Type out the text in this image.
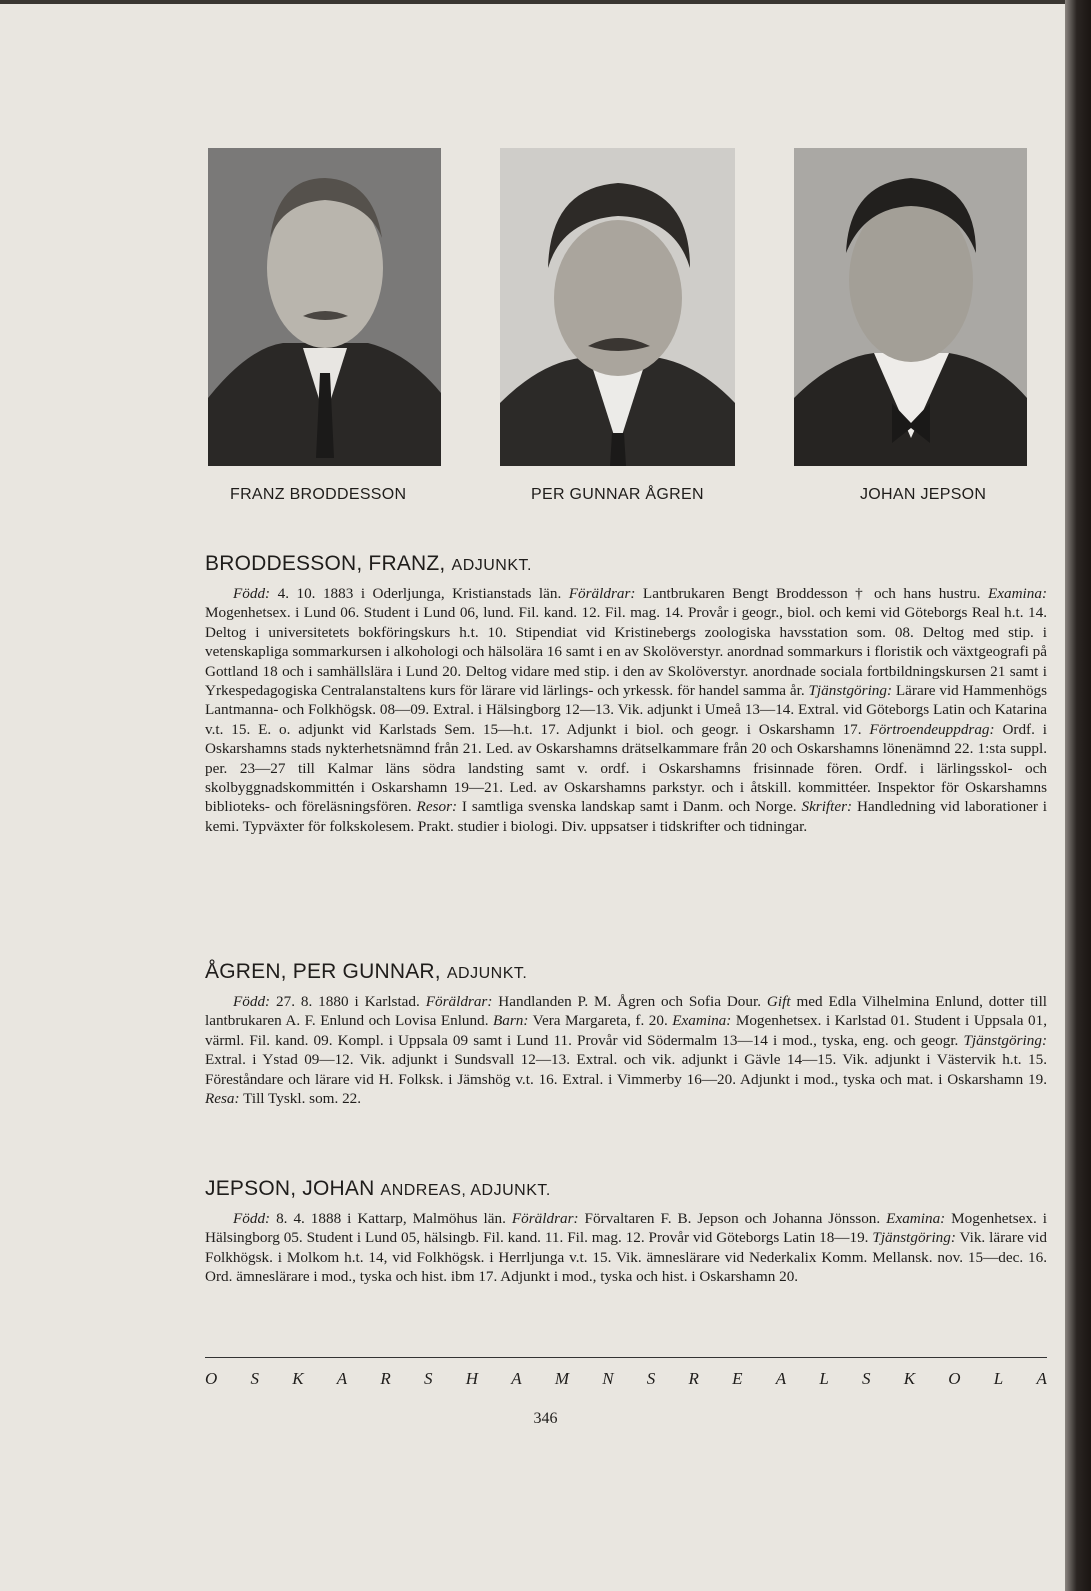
FRANZ BRODDESSON	PER GUNNAR ÅGREN	JOHAN JEPSON
BRODDESSON, FRANZ, ADJUNKT.

Född: 4. 10. 1883 i Oderljunga, Kristianstads län. Föräldrar: Lantbrukaren Bengt Broddesson † och hans hustru. Examina: Mogenhetsex. i Lund 06. Student i Lund 06, lund. Fil. kand. 12. Fil. mag. 14. Provår i geogr., biol. och kemi vid Göteborgs Real h.t. 14. Deltog i universitetets bokföringskurs h.t. 10. Stipendiat vid Kristinebergs zoologiska havsstation som. 08. Deltog med stip. i vetenskapliga sommarkursen i alkohologi och hälsolära 16 samt i en av Skolöverstyr. anordnad sommarkurs i floristik och växtgeografi på Gottland 18 och i samhällslära i Lund 20. Deltog vidare med stip. i den av Skolöverstyr. anordnade sociala fortbildningskursen 21 samt i Yrkespedagogiska Centralanstaltens kurs för lärare vid lärlings- och yrkessk. för handel samma år. Tjänstgöring: Lärare vid Hammenhögs Lantmanna- och Folkhögsk. 08—09. Extral. i Hälsingborg 12—13. Vik. adjunkt i Umeå 13—14. Extral. vid Göteborgs Latin och Katarina v.t. 15. E. o. adjunkt vid Karlstads Sem. 15—h.t. 17. Adjunkt i biol. och geogr. i Oskarshamn 17. Förtroendeuppdrag: Ordf. i Oskarshamns stads nykterhetsnämnd från 21. Led. av Oskarshamns drätselkammare från 20 och Oskarshamns lönenämnd 22. 1:sta suppl. per. 23—27 till Kalmar läns södra landsting samt v. ordf. i Oskarshamns frisinnade fören. Ordf. i lärlingsskol- och skolbyggnadskommittén i Oskarshamn 19—21. Led. av Oskarshamns parkstyr. och i åtskill. kommittéer. Inspektor för Oskarshamns biblioteks- och föreläsningsfören. Resor: I samtliga svenska landskap samt i Danm. och Norge. Skrifter: Handledning vid laborationer i kemi. Typväxter för folkskolesem. Prakt. studier i biologi. Div. uppsatser i tidskrifter och tidningar.

ÅGREN, PER GUNNAR, ADJUNKT.

Född: 27. 8. 1880 i Karlstad. Föräldrar: Handlanden P. M. Ågren och Sofia Dour. Gift med Edla Vilhelmina Enlund, dotter till lantbrukaren A. F. Enlund och Lovisa Enlund. Barn: Vera Margareta, f. 20. Examina: Mogenhetsex. i Karlstad 01. Student i Uppsala 01, värml. Fil. kand. 09. Kompl. i Uppsala 09 samt i Lund 11. Provår vid Södermalm 13—14 i mod., tyska, eng. och geogr. Tjänstgöring: Extral. i Ystad 09—12. Vik. adjunkt i Sundsvall 12—13. Extral. och vik. adjunkt i Gävle 14—15. Vik. adjunkt i Västervik h.t. 15. Föreståndare och lärare vid H. Folksk. i Jämshög v.t. 16. Extral. i Vimmerby 16—20. Adjunkt i mod., tyska och mat. i Oskarshamn 19. Resa: Till Tyskl. som. 22.

JEPSON, JOHAN ANDREAS, ADJUNKT.

Född: 8. 4. 1888 i Kattarp, Malmöhus län. Föräldrar: Förvaltaren F. B. Jepson och Johanna Jönsson. Examina: Mogenhetsex. i Hälsingborg 05. Student i Lund 05, hälsingb. Fil. kand. 11. Fil. mag. 12. Provår vid Göteborgs Latin 18—19. Tjänstgöring: Vik. lärare vid Folkhögsk. i Molkom h.t. 14, vid Folkhögsk. i Herrljunga v.t. 15. Vik. ämneslärare vid Nederkalix Komm. Mellansk. nov. 15—dec. 16. Ord. ämneslärare i mod., tyska och hist. ibm 17. Adjunkt i mod., tyska och hist. i Oskarshamn 20.

O S K A R S H A M N S R E A L S K O L A
346
